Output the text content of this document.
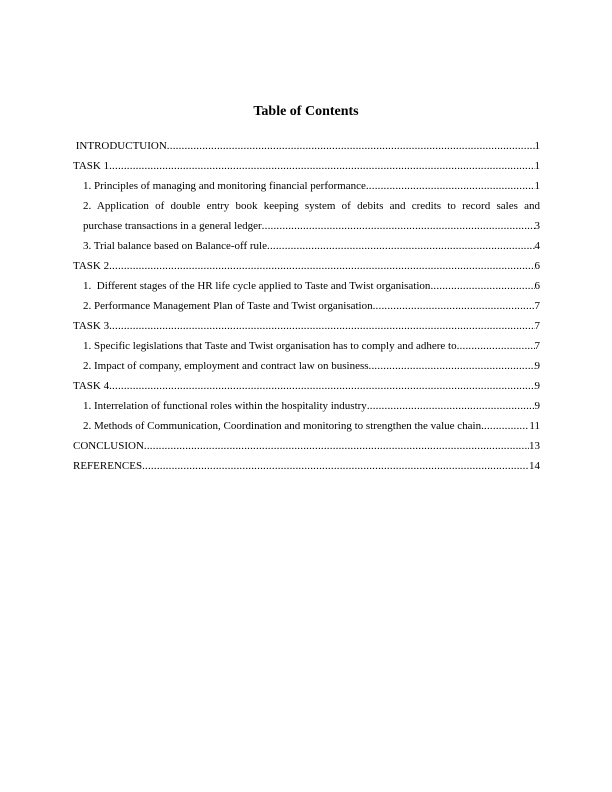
Table of Contents
INTRODUCTUION .....	1
TASK 1 .....	1
1. Principles of managing and monitoring financial performance .....	1
2. Application of double entry book keeping system of debits and credits to record sales and
purchase transactions in a general ledger .....	3
3. Trial balance based on Balance-off rule .....	4
TASK 2 .....	6
1.  Different stages of the HR life cycle applied to Taste and Twist organisation .....	6
2. Performance Management Plan of Taste and Twist organisation .....	7
TASK 3 .....	7
1. Specific legislations that Taste and Twist organisation has to comply and adhere to .....	7
2. Impact of company, employment and contract law on business .....	9
TASK 4 .....	9
1. Interrelation of functional roles within the hospitality industry .....	9
2. Methods of Communication, Coordination and monitoring to strengthen the value chain .....	11
CONCLUSION .....	13
REFERENCES .....	14
